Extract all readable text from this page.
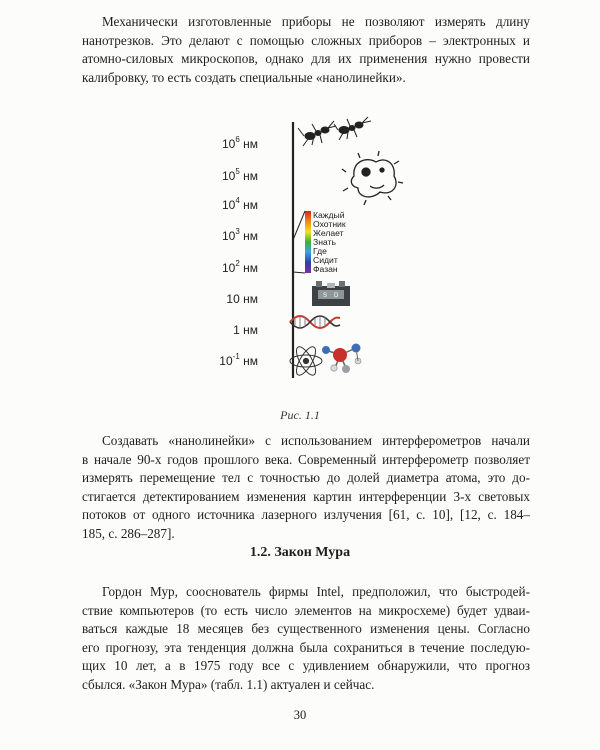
Механически изготовленные приборы не позволяют измерять длину
нанотрезков. Это делают с помощью сложных приборов – электронных и
атомно-силовых микроскопов, однако для их применения нужно провести
калибровку, то есть создать специальные «нанолинейки».
$10^6$ нм
$10^5$ нм
$10^4$ нм
$10^3$ нм
$10^2$ нм
10 нм
1 нм
$10^{-1}$ нм
Каждый
Охотник
Желает
Знать
Где
Сидит
Фазан
S D
Рис. 1.1
Создавать «нанолинейки» с использованием интерферометров начали
в начале 90-х годов прошлого века. Современный интерферометр позволяет
измерять перемещение тел с точностью до долей диаметра атома, это до-
стигается детектированием изменения картин интерференции 3-х световых
потоков от одного источника лазерного излучения [61, с. 10], [12, с. 184–
185, с. 286–287].
1.2. Закон Мура
Гордон Мур, сооснователь фирмы Intel, предположил, что быстродей-
ствие компьютеров (то есть число элементов на микросхеме) будет удваи-
ваться каждые 18 месяцев без существенного изменения цены. Согласно
его прогнозу, эта тенденция должна была сохраниться в течение последую-
щих 10 лет, а в 1975 году все с удивлением обнаружили, что прогноз
сбылся. «Закон Мура» (табл. 1.1) актуален и сейчас.
30
